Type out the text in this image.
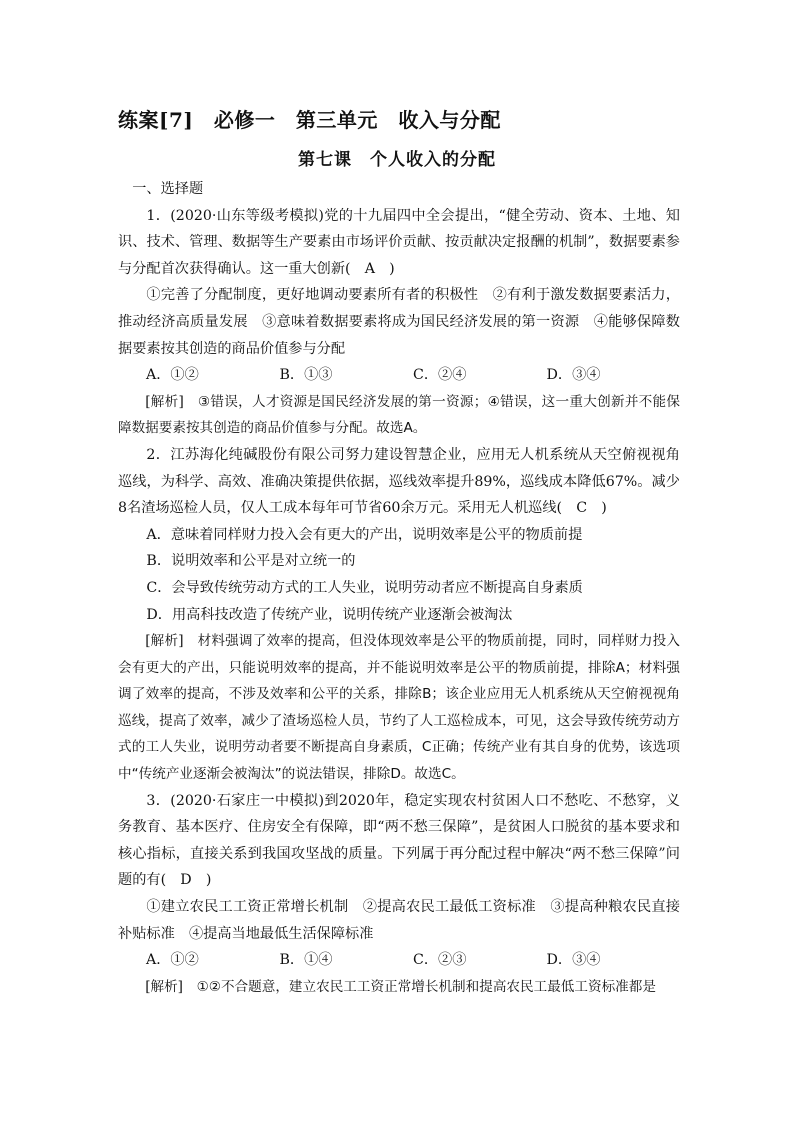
练案[7]　必修一　第三单元　收入与分配
第七课　个人收入的分配

一、选择题

1．(2020·山东等级考模拟)党的十九届四中全会提出，“健全劳动、资本、土地、知识、技术、管理、数据等生产要素由市场评价贡献、按贡献决定报酬的机制”，数据要素参与分配首次获得确认。这一重大创新(　A　)

①完善了分配制度，更好地调动要素所有者的积极性　②有利于激发数据要素活力，推动经济高质量发展　③意味着数据要素将成为国民经济发展的第一资源　④能够保障数据要素按其创造的商品价值参与分配

A．①②	B．①③	C．②④	D．③④

[解析]　③错误，人才资源是国民经济发展的第一资源；④错误，这一重大创新并不能保障数据要素按其创造的商品价值参与分配。故选A。

2．江苏海化纯碱股份有限公司努力建设智慧企业，应用无人机系统从天空俯视视角巡线，为科学、高效、准确决策提供依据，巡线效率提升89%，巡线成本降低67%。减少8名渣场巡检人员，仅人工成本每年可节省60余万元。采用无人机巡线(　C　)

A．意味着同样财力投入会有更大的产出，说明效率是公平的物质前提

B．说明效率和公平是对立统一的

C．会导致传统劳动方式的工人失业，说明劳动者应不断提高自身素质

D．用高科技改造了传统产业，说明传统产业逐渐会被淘汰

[解析]　材料强调了效率的提高，但没体现效率是公平的物质前提，同时，同样财力投入会有更大的产出，只能说明效率的提高，并不能说明效率是公平的物质前提，排除A；材料强调了效率的提高，不涉及效率和公平的关系，排除B；该企业应用无人机系统从天空俯视视角巡线，提高了效率，减少了渣场巡检人员，节约了人工巡检成本，可见，这会导致传统劳动方式的工人失业，说明劳动者要不断提高自身素质，C正确；传统产业有其自身的优势，该选项中“传统产业逐渐会被淘汰”的说法错误，排除D。故选C。

3．(2020·石家庄一中模拟)到2020年，稳定实现农村贫困人口不愁吃、不愁穿，义务教育、基本医疗、住房安全有保障，即“两不愁三保障”，是贫困人口脱贫的基本要求和核心指标，直接关系到我国攻坚战的质量。下列属于再分配过程中解决“两不愁三保障”问题的有(　D　)

①建立农民工工资正常增长机制　②提高农民工最低工资标准　③提高种粮农民直接补贴标准　④提高当地最低生活保障标准

A．①②	B．①④	C．②③	D．③④

[解析]　①②不合题意，建立农民工工资正常增长机制和提高农民工最低工资标准都是
